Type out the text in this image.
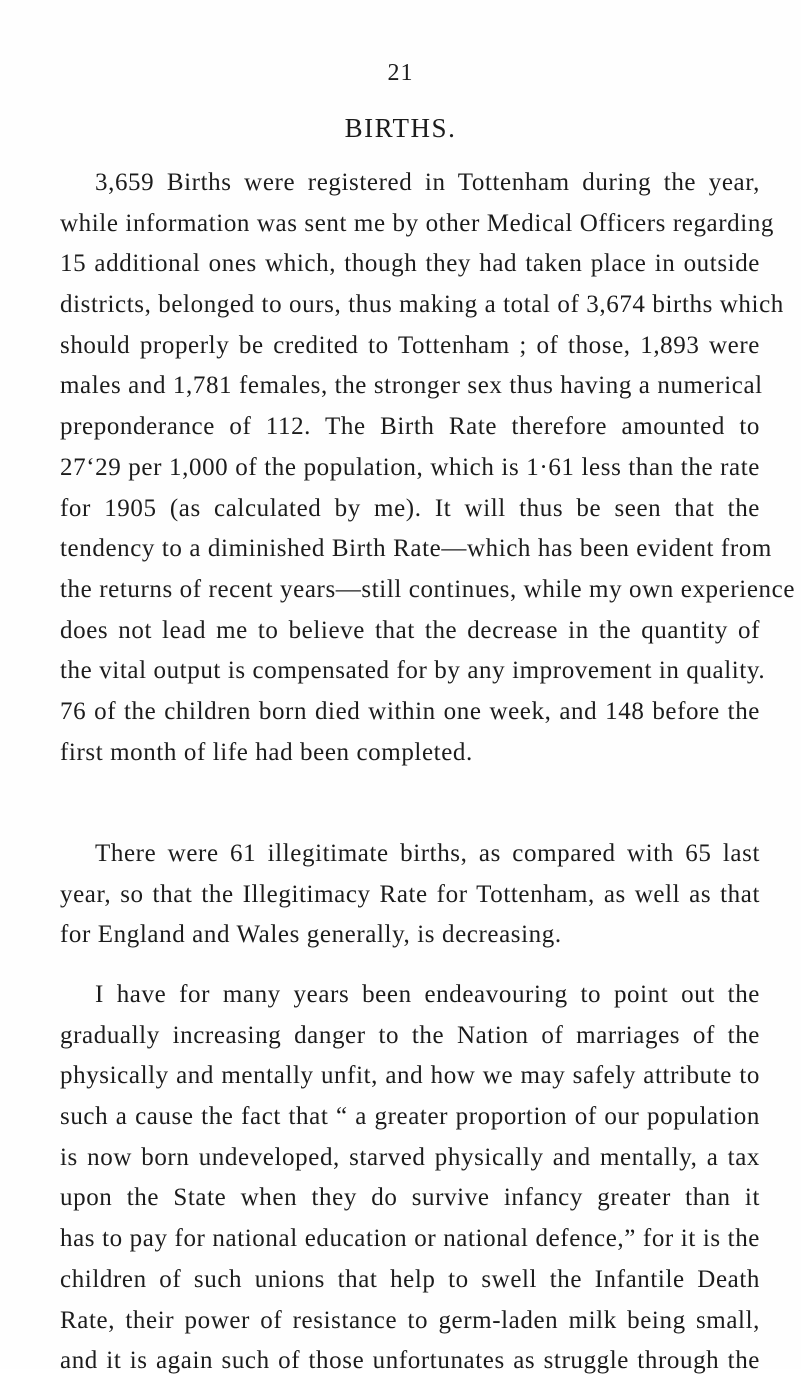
21
BIRTHS.
3,659 Births were registered in Tottenham during the year,
while information was sent me by other Medical Officers regarding
15 additional ones which, though they had taken place in outside
districts, belonged to ours, thus making a total of 3,674 births which
should properly be credited to Tottenham ; of those, 1,893 were
males and 1,781 females, the stronger sex thus having a numerical
preponderance of 112. The Birth Rate therefore amounted to
27‘29 per 1,000 of the population, which is 1·61 less than the rate
for 1905 (as calculated by me). It will thus be seen that the
tendency to a diminished Birth Rate—which has been evident from
the returns of recent years—still continues, while my own experience
does not lead me to believe that the decrease in the quantity of
the vital output is compensated for by any improvement in quality.
76 of the children born died within one week, and 148 before the
first month of life had been completed.
There were 61 illegitimate births, as compared with 65 last
year, so that the Illegitimacy Rate for Tottenham, as well as that
for England and Wales generally, is decreasing.
I have for many years been endeavouring to point out the
gradually increasing danger to the Nation of marriages of the
physically and mentally unfit, and how we may safely attribute to
such a cause the fact that “ a greater proportion of our population
is now born undeveloped, starved physically and mentally, a tax
upon the State when they do survive infancy greater than it
has to pay for national education or national defence,” for it is the
children of such unions that help to swell the Infantile Death
Rate, their power of resistance to germ-laden milk being small,
and it is again such of those unfortunates as struggle through the
